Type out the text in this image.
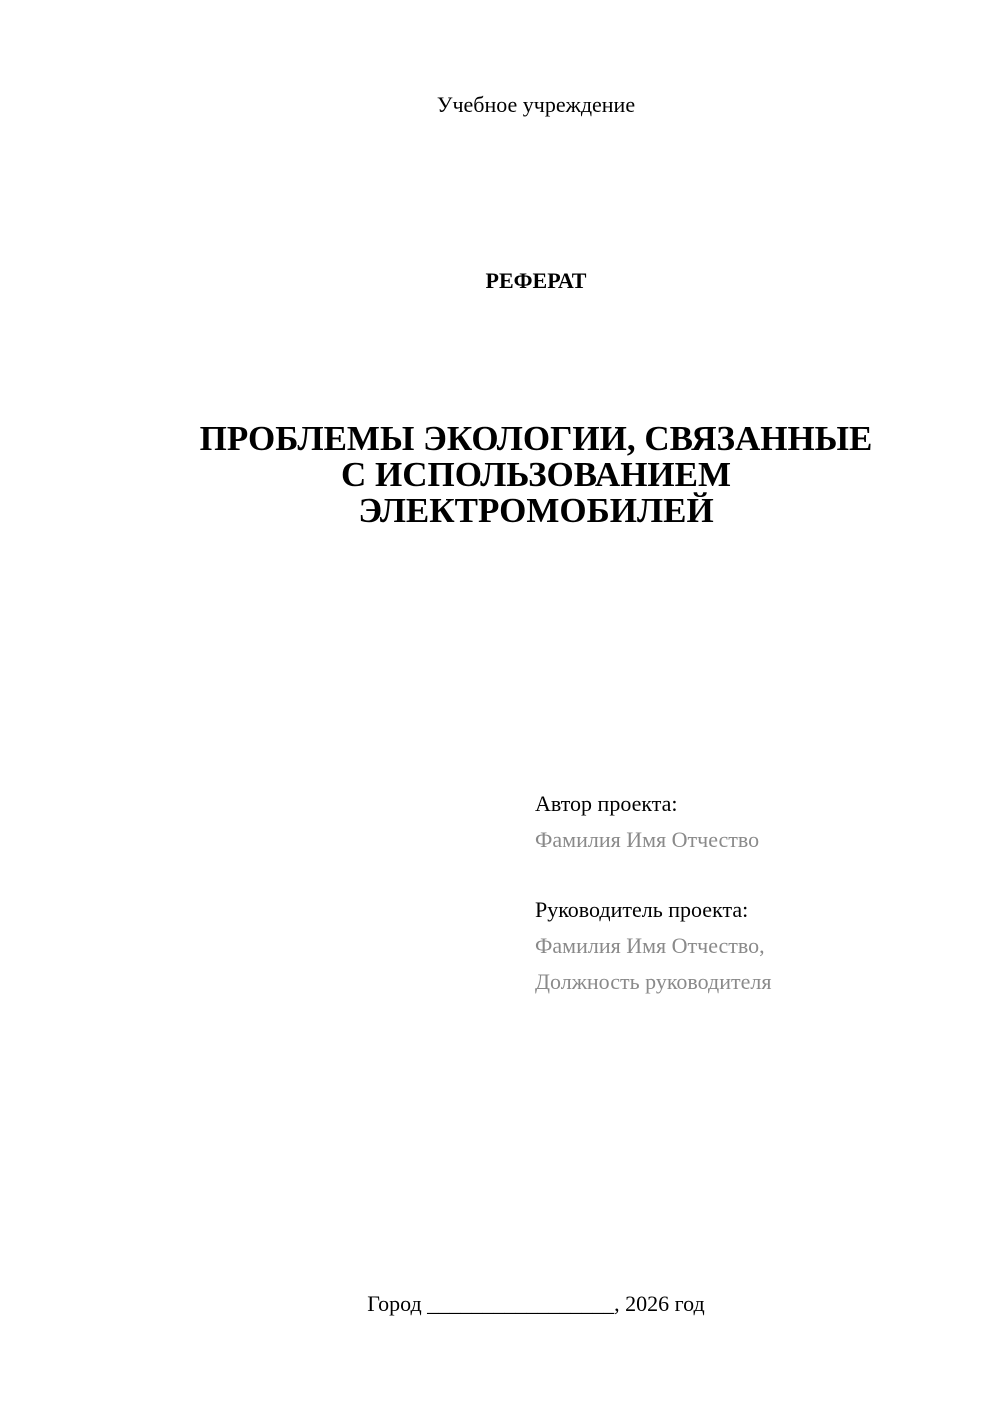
Учебное учреждение
РЕФЕРАТ
ПРОБЛЕМЫ ЭКОЛОГИИ, СВЯЗАННЫЕ
С ИСПОЛЬЗОВАНИЕМ
ЭЛЕКТРОМОБИЛЕЙ
Автор проекта:
Фамилия Имя Отчество
Руководитель проекта:
Фамилия Имя Отчество,
Должность руководителя
Город _________________, 2026 год
